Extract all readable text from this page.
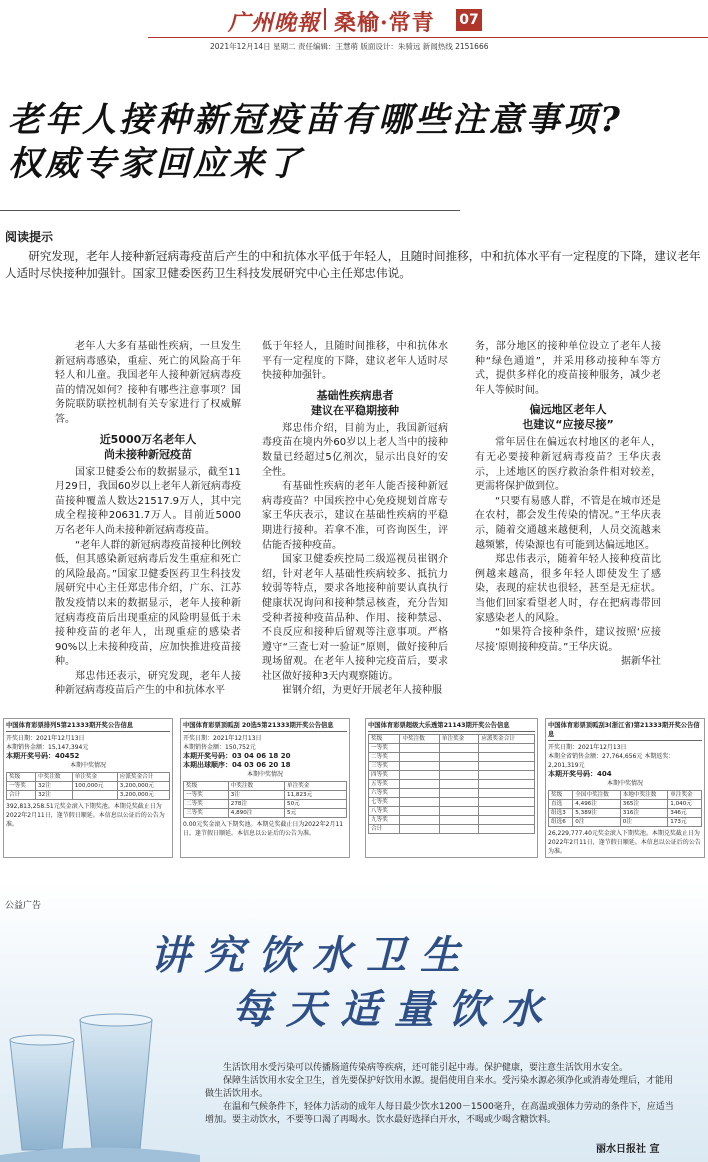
广州晚報 桑榆·常青 07
2021年12月14日 星期二 责任编辑：王慧萌 版面设计：朱骑远 新闻热线 2151666
老年人接种新冠疫苗有哪些注意事项?
权威专家回应来了
阅读提示
研究发现，老年人接种新冠病毒疫苗后产生的中和抗体水平低于年轻人，且随时间推移，中和抗体水平有一定程度的下降，建议老年人适时尽快接种加强针。国家卫健委医药卫生科技发展研究中心主任郑忠伟说。

老年人大多有基础性疾病，一旦发生新冠病毒感染，重症、死亡的风险高于年轻人和儿童。我国老年人接种新冠病毒疫苗的情况如何？接种有哪些注意事项？国务院联防联控机制有关专家进行了权威解答。

近5000万名老年人
尚未接种新冠疫苗

国家卫健委公布的数据显示，截至11月29日，我国60岁以上老年人新冠病毒疫苗接种覆盖人数达21517.9万人，其中完成全程接种20631.7万人。目前近5000万名老年人尚未接种新冠病毒疫苗。

“老年人群的新冠病毒疫苗接种比例较低，但其感染新冠病毒后发生重症和死亡的风险最高。”国家卫健委医药卫生科技发展研究中心主任郑忠伟介绍，广东、江苏散发疫情以来的数据显示，老年人接种新冠病毒疫苗后出现重症的风险明显低于未接种疫苗的老年人，出现重症的感染者90%以上未接种疫苗，应加快推进疫苗接种。

郑忠伟还表示，研究发现，老年人接种新冠病毒疫苗后产生的中和抗体水平

低于年轻人，且随时间推移，中和抗体水平有一定程度的下降，建议老年人适时尽快接种加强针。

基础性疾病患者
建议在平稳期接种

郑忠伟介绍，目前为止，我国新冠病毒疫苗在境内外60岁以上老人当中的接种数量已经超过5亿剂次，显示出良好的安全性。

有基础性疾病的老年人能否接种新冠病毒疫苗？中国疾控中心免疫规划首席专家王华庆表示，建议在基础性疾病的平稳期进行接种。若拿不准，可咨询医生，评估能否接种疫苗。

国家卫健委疾控局二级巡视员崔钢介绍，针对老年人基础性疾病较多、抵抗力较弱等特点，要求各地接种前要认真执行健康状况询问和接种禁忌核查，充分告知受种者接种疫苗品种、作用、接种禁忌、不良反应和接种后留观等注意事项。严格遵守“三查七对一验证”原则，做好接种后现场留观。在老年人接种完疫苗后，要求社区做好接种3天内观察随访。

崔钢介绍，为更好开展老年人接种服

务，部分地区的接种单位设立了老年人接种“绿色通道”，并采用移动接种车等方式，提供多样化的疫苗接种服务，减少老年人等候时间。

偏远地区老年人
也建议“应接尽接”

常年居住在偏远农村地区的老年人，有无必要接种新冠病毒疫苗？王华庆表示，上述地区的医疗救治条件相对较差，更需将保护做到位。

“只要有易感人群，不管是在城市还是在农村，都会发生传染的情况。”王华庆表示，随着交通越来越便利，人员交流越来越频繁，传染源也有可能到达偏远地区。

郑忠伟表示，随着年轻人接种疫苗比例越来越高，很多年轻人即使发生了感染，表现的症状也很轻，甚至是无症状。当他们回家看望老人时，存在把病毒带回家感染老人的风险。

“如果符合接种条件，建议按照‘应接尽接’原则接种疫苗。”王华庆说。

据新华社
中国体育彩票排列5第21333期开奖公告信息
开奖日期：2021年12月13日
本期销售金额：15,147,394元
本期开奖号码：40452
本期中奖情况
奖级	中奖注数	单注奖金	应派奖金合计
一等奖	32注	100,000元	3,200,000元
合计	32注		3,200,000元
392,813,258.51元奖金滚入下期奖池。本期兑奖截止日为2022年2月11日，逢节假日顺延。本信息以公证后的公告为准。
中国体育彩票顶呱刮 20选5第21333期开奖公告信息
开奖日期：2021年12月13日
本期销售金额：150,752元
本期开奖号码：03 04 06 18 20
本期出球顺序：04 03 06 20 18
本期中奖情况
奖级	中奖注数	单注奖金
一等奖	3注	11,823元
二等奖	278注	50元
三等奖	4,890注	5元
0.00元奖金滚入下期奖池。本期兑奖截止日为2022年2月11日，逢节假日顺延。本信息以公证后的公告为准。
中国体育彩票超级大乐透第21143期开奖公告信息
奖级	中奖注数	单注奖金	应派奖金合计
一等奖			
二等奖			
三等奖			
四等奖			
五等奖			
六等奖			
七等奖			
八等奖			
九等奖			
合计			
中国体育彩票顶呱刮3(浙江省)第21333期开奖公告信息
开奖日期：2021年12月13日
本期全省销售金额：27,764,656元 本期返奖：2,201,319元
本期开奖号码：404
本期中奖情况
奖级	全国中奖注数	本地中奖注数	单注奖金
直选	4,496注	365注	1,040元
组选3	5,389注	316注	346元
组选6	0注	0注	173元
26,229,777.40元奖金滚入下期奖池。本期兑奖截止日为2022年2月11日，逢节假日顺延。本信息以公证后的公告为准。
公益广告
讲究饮水卫生
每天适量饮水

生活饮用水受污染可以传播肠道传染病等疾病，还可能引起中毒。保护健康，要注意生活饮用水安全。

保障生活饮用水安全卫生，首先要保护好饮用水源。提倡使用自来水。受污染水源必须净化或消毒处理后，才能用做生活饮用水。

在温和气候条件下，轻体力活动的成年人每日最少饮水1200－1500毫升，在高温或强体力劳动的条件下，应适当增加。要主动饮水，不要等口渴了再喝水。饮水最好选择白开水，不喝或少喝含糖饮料。

丽水日报社 宣
